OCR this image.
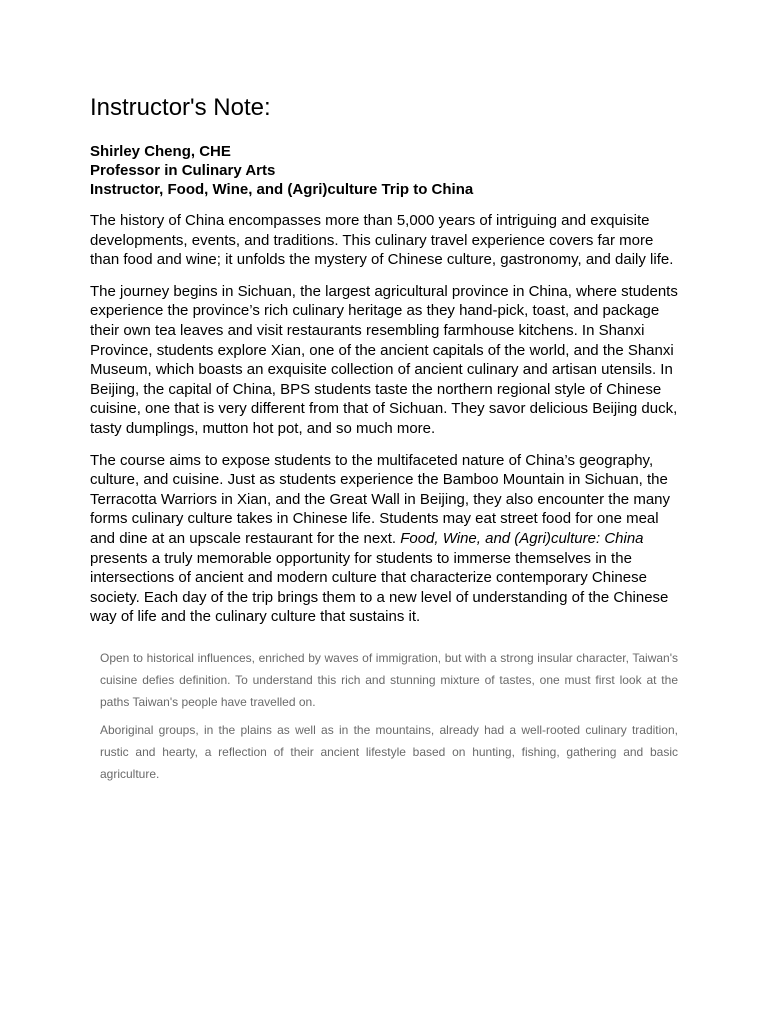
Instructor's Note:
Shirley Cheng, CHE
Professor in Culinary Arts
Instructor, Food, Wine, and (Agri)culture Trip to China

The history of China encompasses more than 5,000 years of intriguing and exquisite developments, events, and traditions. This culinary travel experience covers far more than food and wine; it unfolds the mystery of Chinese culture, gastronomy, and daily life.

The journey begins in Sichuan, the largest agricultural province in China, where students experience the province’s rich culinary heritage as they hand-pick, toast, and package their own tea leaves and visit restaurants resembling farmhouse kitchens. In Shanxi Province, students explore Xian, one of the ancient capitals of the world, and the Shanxi Museum, which boasts an exquisite collection of ancient culinary and artisan utensils. In Beijing, the capital of China, BPS students taste the northern regional style of Chinese cuisine, one that is very different from that of Sichuan. They savor delicious Beijing duck, tasty dumplings, mutton hot pot, and so much more.

The course aims to expose students to the multifaceted nature of China’s geography, culture, and cuisine. Just as students experience the Bamboo Mountain in Sichuan, the Terracotta Warriors in Xian, and the Great Wall in Beijing, they also encounter the many forms culinary culture takes in Chinese life. Students may eat street food for one meal and dine at an upscale restaurant for the next. Food, Wine, and (Agri)culture: China presents a truly memorable opportunity for students to immerse themselves in the intersections of ancient and modern culture that characterize contemporary Chinese society. Each day of the trip brings them to a new level of understanding of the Chinese way of life and the culinary culture that sustains it.

Open to historical influences, enriched by waves of immigration, but with a strong insular character, Taiwan's cuisine defies definition. To understand this rich and stunning mixture of tastes, one must first look at the paths Taiwan's people have travelled on.

Aboriginal groups, in the plains as well as in the mountains, already had a well-rooted culinary tradition, rustic and hearty, a reflection of their ancient lifestyle based on hunting, fishing, gathering and basic agriculture.
